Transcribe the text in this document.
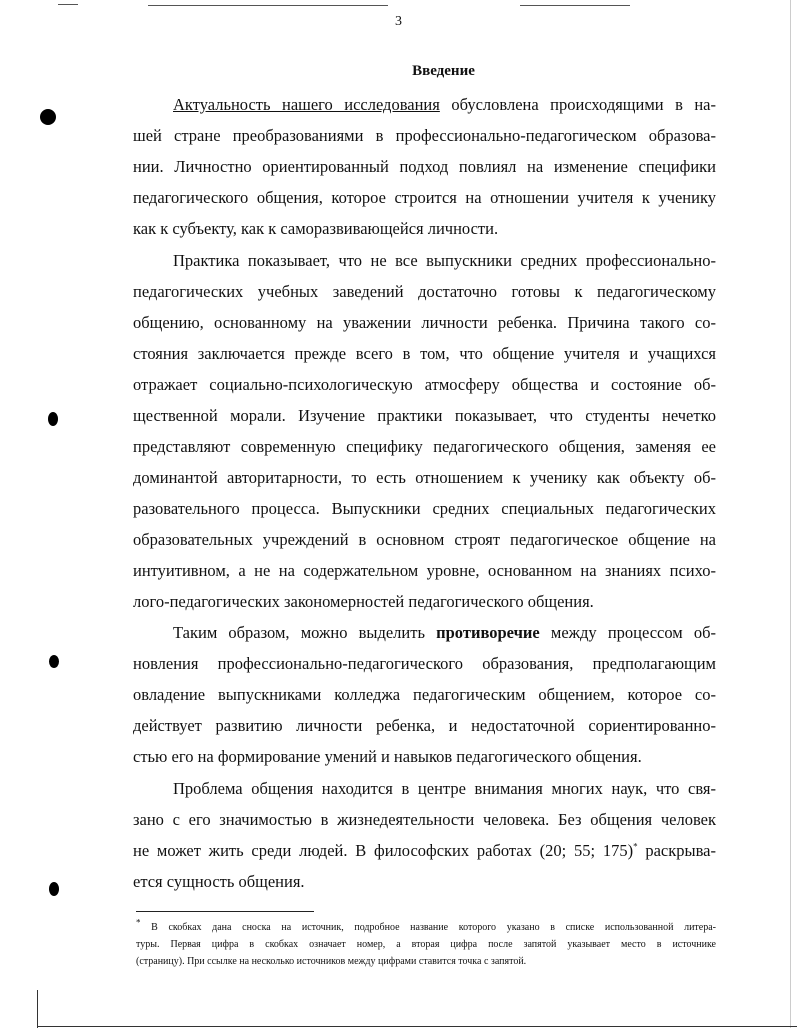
3
Введение
Актуальность нашего исследования обусловлена происходящими в на-
шей стране преобразованиями в профессионально-педагогическом образова-
нии. Личностно ориентированный подход повлиял на изменение специфики
педагогического общения, которое строится на отношении учителя к ученику
как к субъекту, как к саморазвивающейся личности.
Практика показывает, что не все выпускники средних профессионально-
педагогических учебных заведений достаточно готовы к педагогическому
общению, основанному на уважении личности ребенка. Причина такого со-
стояния заключается прежде всего в том, что общение учителя и учащихся
отражает социально-психологическую атмосферу общества и состояние об-
щественной морали. Изучение практики показывает, что студенты нечетко
представляют современную специфику педагогического общения, заменяя ее
доминантой авторитарности, то есть отношением к ученику как объекту об-
разовательного процесса. Выпускники средних специальных педагогических
образовательных учреждений в основном строят педагогическое общение на
интуитивном, а не на содержательном уровне, основанном на знаниях психо-
лого-педагогических закономерностей педагогического общения.
Таким образом, можно выделить противоречие между процессом об-
новления профессионально-педагогического образования, предполагающим
овладение выпускниками колледжа педагогическим общением, которое со-
действует развитию личности ребенка, и недостаточной сориентированно-
стью его на формирование умений и навыков педагогического общения.
Проблема общения находится в центре внимания многих наук, что свя-
зано с его значимостью в жизнедеятельности человека. Без общения человек
не может жить среди людей. В философских работах (20; 55; 175)* раскрыва-
ется сущность общения.
* В скобках дана сноска на источник, подробное название которого указано в списке использованной литера-
туры. Первая цифра в скобках означает номер, а вторая цифра после запятой указывает место в источнике
(страницу). При ссылке на несколько источников между цифрами ставится точка с запятой.
